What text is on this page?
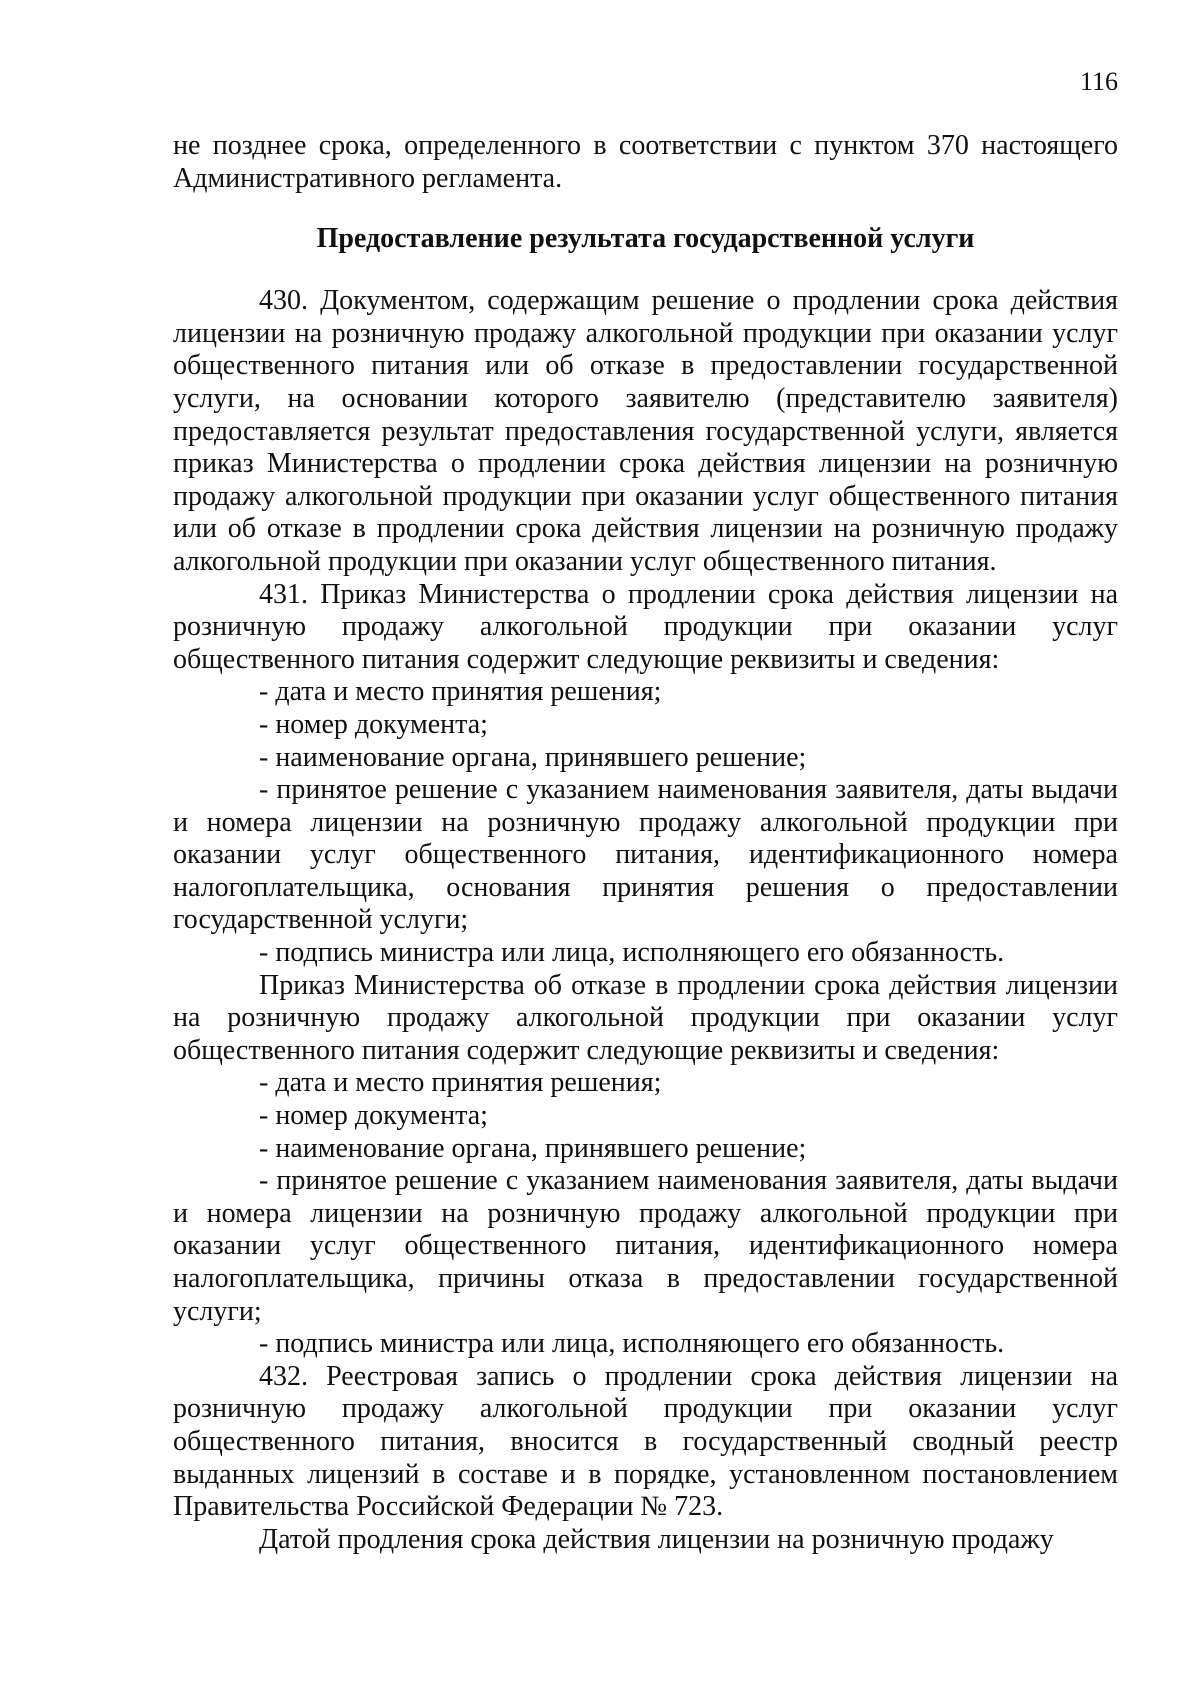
116

не позднее срока, определенного в соответствии с пунктом 370 настоящего Административного регламента.

Предоставление результата государственной услуги

430. Документом, содержащим решение о продлении срока действия лицензии на розничную продажу алкогольной продукции при оказании услуг общественного питания или об отказе в предоставлении государственной услуги, на основании которого заявителю (представителю заявителя) предоставляется результат предоставления государственной услуги, является приказ Министерства о продлении срока действия лицензии на розничную продажу алкогольной продукции при оказании услуг общественного питания или об отказе в продлении срока действия лицензии на розничную продажу алкогольной продукции при оказании услуг общественного питания.

431. Приказ Министерства о продлении срока действия лицензии на розничную продажу алкогольной продукции при оказании услуг общественного питания содержит следующие реквизиты и сведения:

- дата и место принятия решения;

- номер документа;

- наименование органа, принявшего решение;

- принятое решение с указанием наименования заявителя, даты выдачи и номера лицензии на розничную продажу алкогольной продукции при оказании услуг общественного питания, идентификационного номера налогоплательщика, основания принятия решения о предоставлении государственной услуги;

- подпись министра или лица, исполняющего его обязанность.

Приказ Министерства об отказе в продлении срока действия лицензии на розничную продажу алкогольной продукции при оказании услуг общественного питания содержит следующие реквизиты и сведения:

- дата и место принятия решения;

- номер документа;

- наименование органа, принявшего решение;

- принятое решение с указанием наименования заявителя, даты выдачи и номера лицензии на розничную продажу алкогольной продукции при оказании услуг общественного питания, идентификационного номера налогоплательщика, причины отказа в предоставлении государственной услуги;

- подпись министра или лица, исполняющего его обязанность.

432. Реестровая запись о продлении срока действия лицензии на розничную продажу алкогольной продукции при оказании услуг общественного питания, вносится в государственный сводный реестр выданных лицензий в составе и в порядке, установленном постановлением Правительства Российской Федерации № 723.

Датой продления срока действия лицензии на розничную продажу
